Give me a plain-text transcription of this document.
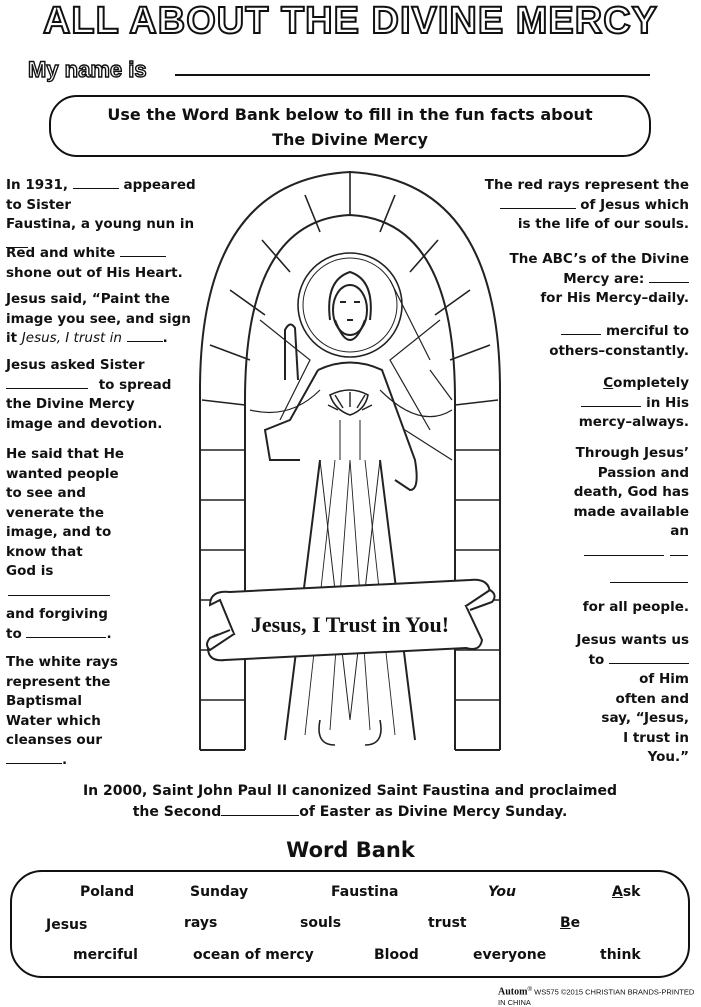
ALL ABOUT THE DIVINE MERCY
My name is
Use the Word Bank below to fill in the fun facts about
The Divine Mercy
Jesus, I Trust in You!
In 1931,	appeared to Sister
Faustina, a young nun in
Red and white
shone out of His Heart.
Jesus said, “Paint the
image you see, and sign
it Jesus, I trust in	.
Jesus asked Sister
to spread
the Divine Mercy
image and devotion.
He said that He
wanted people
to see and
venerate the
image, and to
know that
God is
and forgiving
to	.
The white rays
represent the
Baptismal
Water which
cleanses our
.
The red rays represent the
of Jesus which
is the life of our souls.
The ABC’s of the Divine
Mercy are:
for His Mercy–daily.
merciful to
others–constantly.
Completely
in His
mercy–always.
Through Jesus’
Passion and
death, God has
made available
an
for all people.
Jesus wants us
to
of Him
often and
say, “Jesus,
I trust in
You.”
In 2000, Saint John Paul II canonized Saint Faustina and proclaimed
the Second	of Easter as Divine Mercy Sunday.
Word Bank
Poland	Sunday	Faustina	You	Ask
Jesus	rays	souls	trust	Be
merciful	ocean of mercy	Blood	everyone	think
Autom® WS575 ©2015 CHRISTIAN BRANDS-PRINTED IN CHINA
